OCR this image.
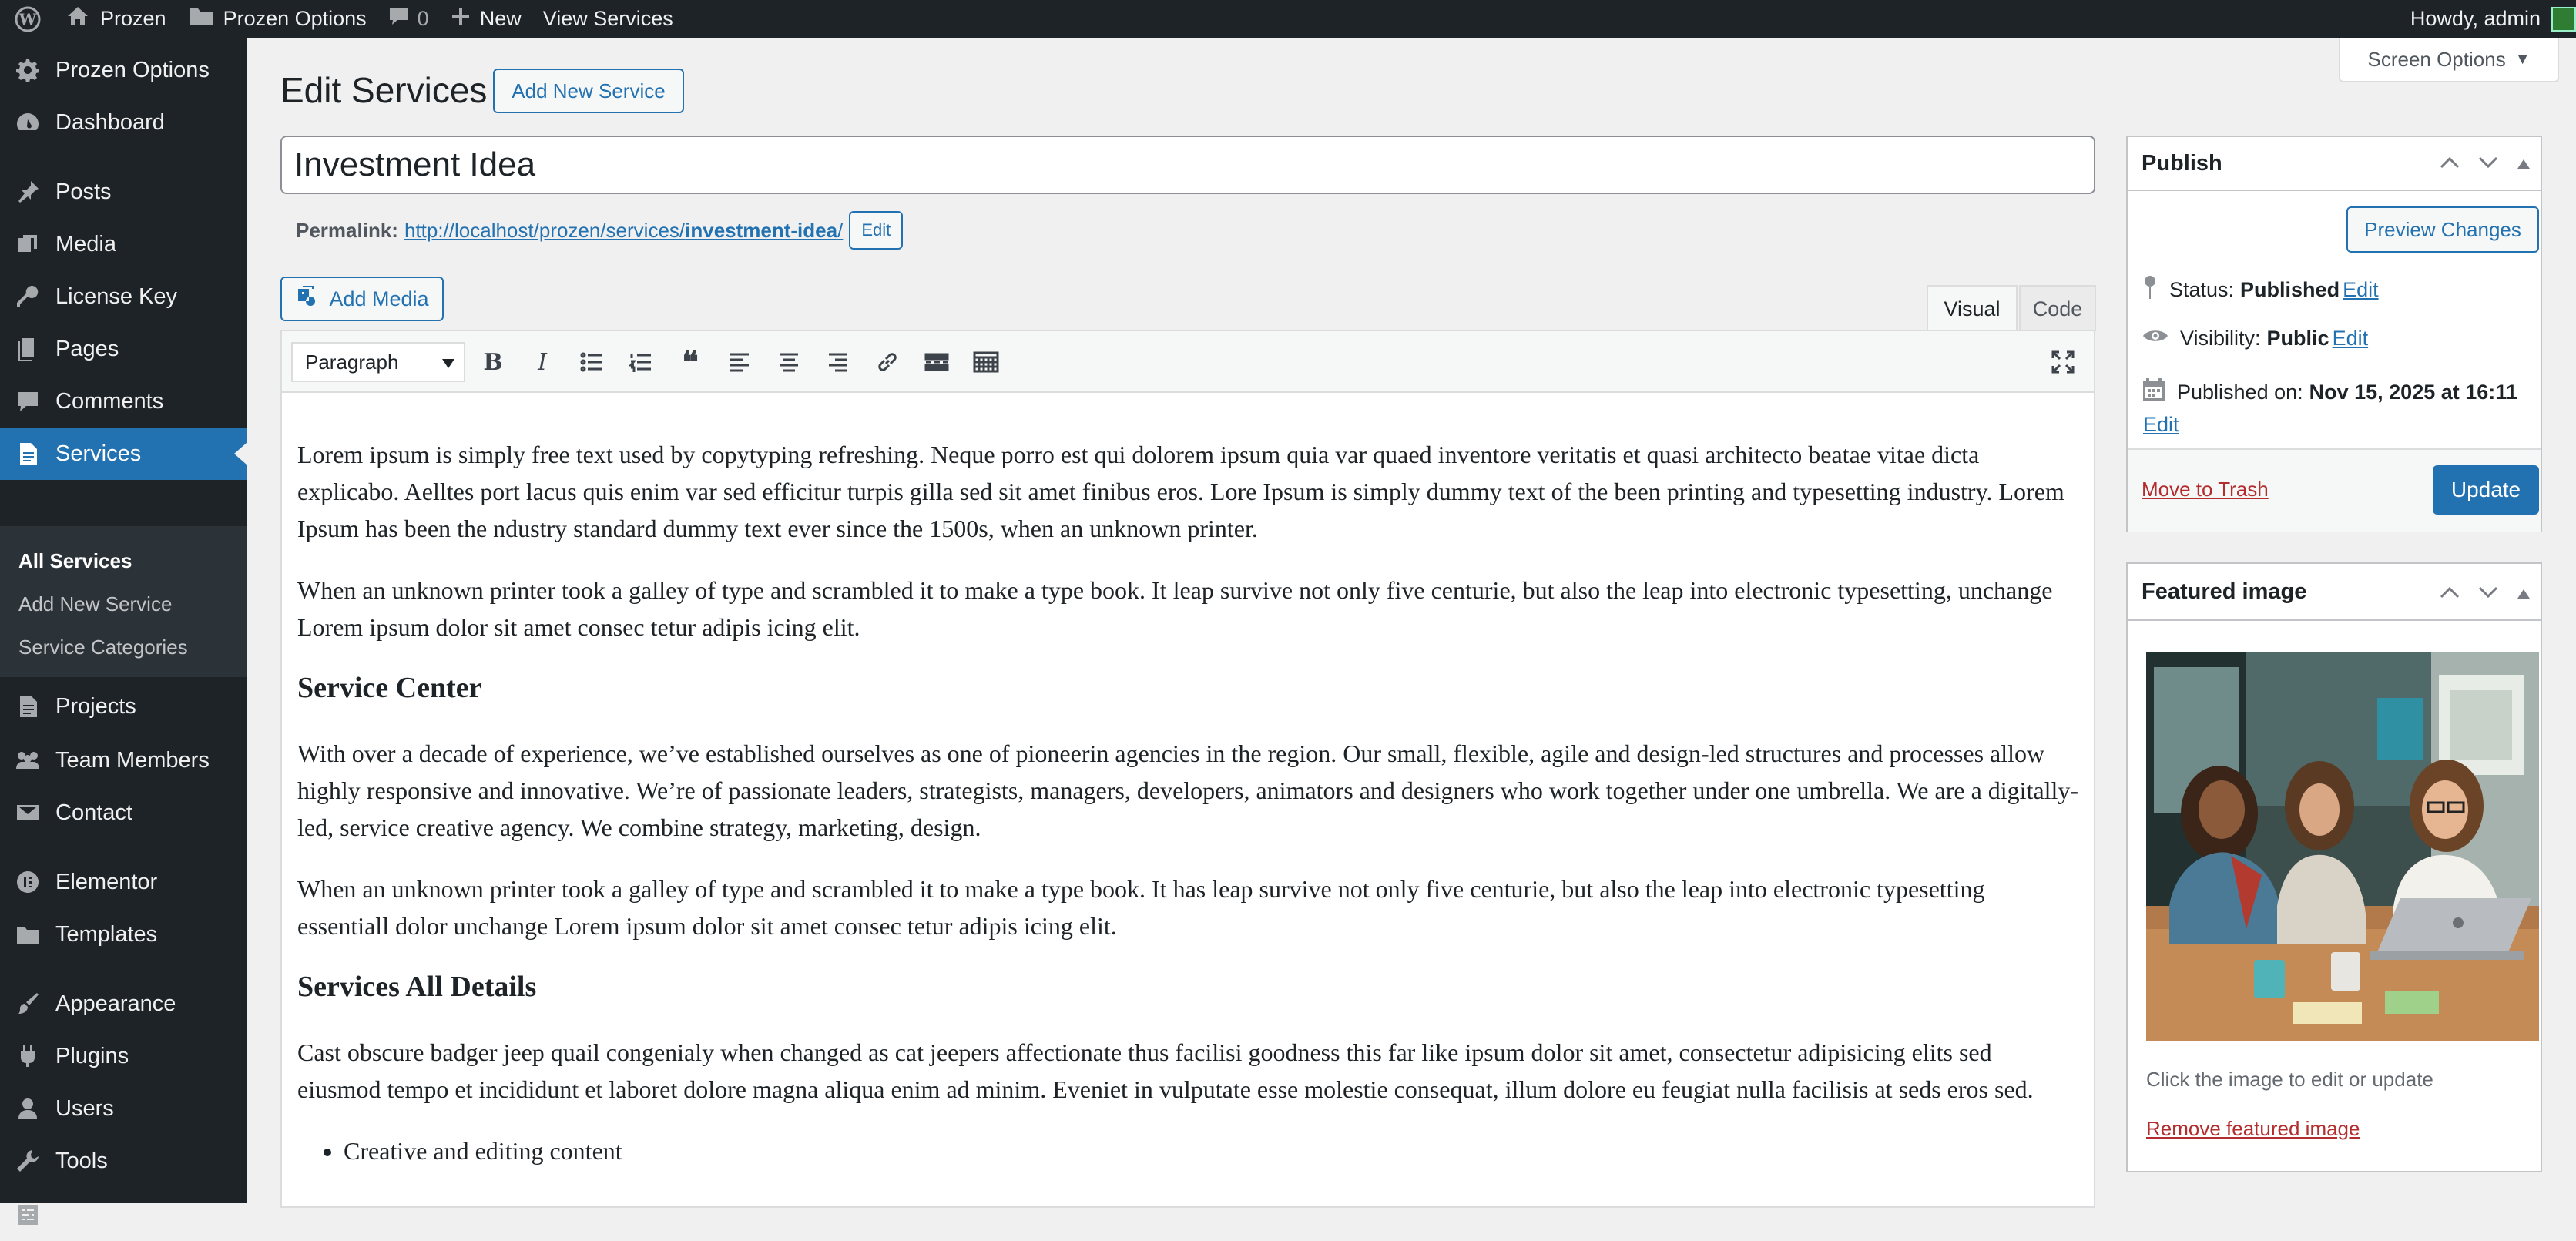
W	Prozen	Prozen Options 0 New View Services	Howdy, admin
Prozen Options
Dashboard
Posts
Media
License Key
Pages
Comments
Services
All Services
Add New Service
Service Categories
Projects
Team Members
Contact
Elementor
Templates
Appearance
Plugins
Users
Tools
Settings
Edit Services	Add New Service
Screen Options ▼
Investment Idea
Permalink: http://localhost/prozen/services/investment-idea/	Edit
Add Media	Visual	Code
Paragraph	B	I	❝

Lorem ipsum is simply free text used by copytyping refreshing. Neque porro est qui dolorem ipsum quia var quaed inventore veritatis et quasi architecto beatae vitae dicta explicabo. Aelltes port lacus quis enim var sed efficitur turpis gilla sed sit amet finibus eros. Lore Ipsum is simply dummy text of the been printing and typesetting industry. Lorem Ipsum has been the ndustry standard dummy text ever since the 1500s, when an unknown printer.

When an unknown printer took a galley of type and scrambled it to make a type book. It leap survive not only five centurie, but also the leap into electronic typesetting, unchange Lorem ipsum dolor sit amet consec tetur adipis icing elit.

Service Center

With over a decade of experience, we’ve established ourselves as one of pioneerin agencies in the region. Our small, flexible, agile and design-led structures and processes allow highly responsive and innovative. We’re of passionate leaders, strategists, managers, developers, animators and designers who work together under one umbrella. We are a digitally-led, service creative agency. We combine strategy, marketing, design.

When an unknown printer took a galley of type and scrambled it to make a type book. It has leap survive not only five centurie, but also the leap into electronic typesetting essentiall dolor unchange Lorem ipsum dolor sit amet consec tetur adipis icing elit.

Services All Details

Cast obscure badger jeep quail congenialy when changed as cat jeepers affectionate thus facilisi goodness this far like ipsum dolor sit amet, consectetur adipisicing elits sed eiusmod tempo et incididunt et laboret dolore magna aliqua enim ad minim. Eveniet in vulputate esse molestie consequat, illum dolore eu feugiat nulla facilisis at seds eros sed.

• Creative and editing content
Publish
Preview Changes
Status: Published Edit
Visibility: Public Edit
Published on: Nov 15, 2025 at 16:11
Edit
Move to Trash	Update
Featured image
Click the image to edit or update
Remove featured image
